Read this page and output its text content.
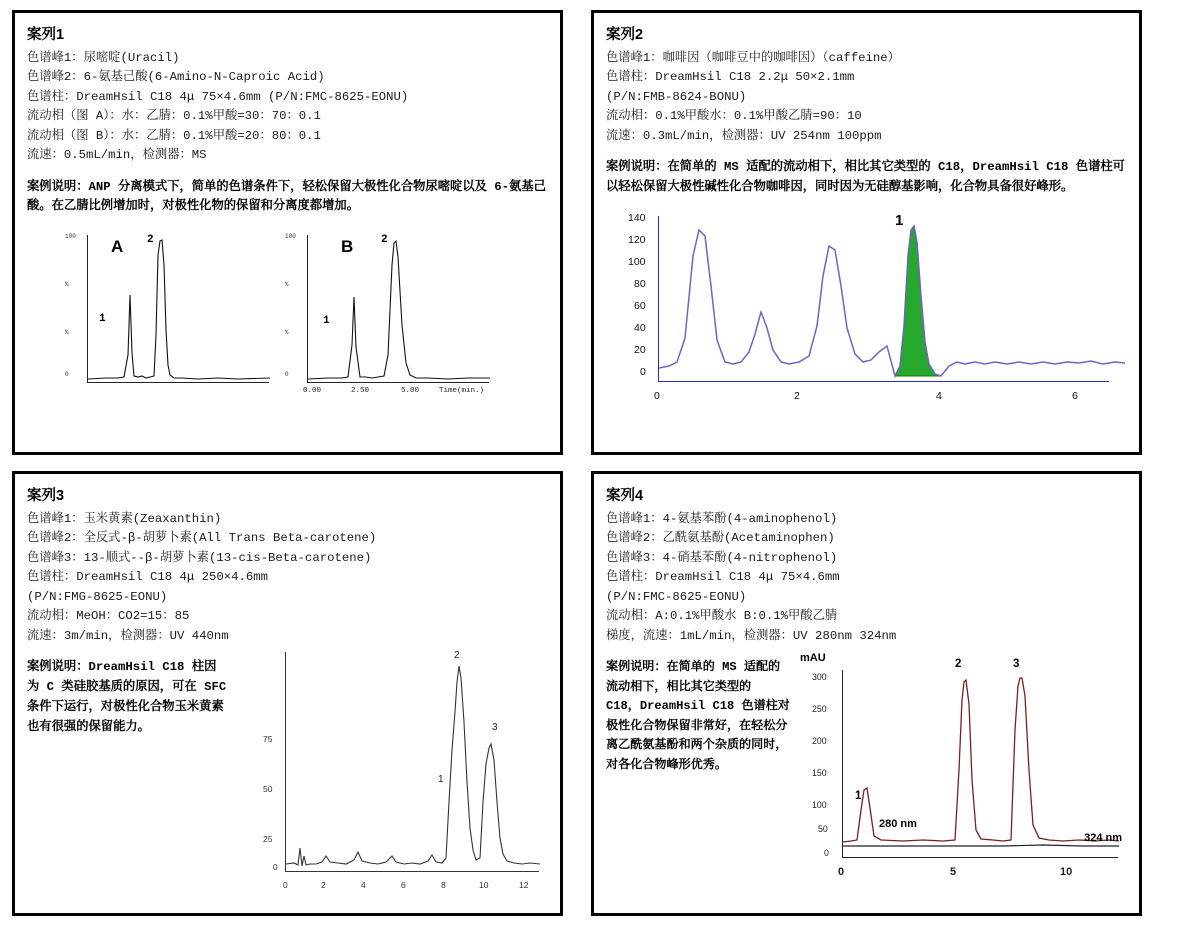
案列1
色谱峰1：尿嘧啶(Uracil)
色谱峰2：6-氨基己酸(6-Amino-N-Caproic Acid)
色谱柱：DreamHsil C18 4μ 75×4.6mm (P/N:FMC-8625-EONU)
流动相（图 A）：水：乙腈：0.1%甲酸=30：70：0.1
流动相（图 B）：水：乙腈：0.1%甲酸=20：80：0.1
流速：0.5mL/min，检测器：MS
案例说明：ANP 分离模式下，简单的色谱条件下，轻松保留大极性化合物尿嘧啶以及 6-氨基己酸。在乙腈比例增加时，对极性化物的保留和分离度都增加。
100
%
%
0
A
1
2	100
%
%
0
B
1
2
0.00	2.50	5.00	Time(min.)
案列2
色谱峰1：咖啡因（咖啡豆中的咖啡因）（caffeine）
色谱柱：DreamHsil C18 2.2μ 50×2.1mm
(P/N:FMB-8624-BONU)
流动相：0.1%甲酸水：0.1%甲酸乙腈=90：10
流速：0.3mL/min，检测器：UV 254nm 100ppm
案例说明：在简单的 MS 适配的流动相下，相比其它类型的 C18，DreamHsil C18 色谱柱可以轻松保留大极性碱性化合物咖啡因，同时因为无硅醇基影响，化合物具备很好峰形。
140
120
100
80
60
40
20
0
1
0	2	4	6
案列3
色谱峰1：玉米黄素(Zeaxanthin)
色谱峰2：全反式-β-胡萝卜素(All Trans Beta-carotene)
色谱峰3：13-顺式--β-胡萝卜素(13-cis-Beta-carotene)
色谱柱：DreamHsil C18 4μ 250×4.6mm
(P/N:FMG-8625-EONU)
流动相：MeOH：CO2=15：85
流速：3m/min，检测器：UV 440nm
案例说明：DreamHsil C18 柱因为 C 类硅胶基质的原因，可在 SFC 条件下运行，对极性化合物玉米黄素也有很强的保留能力。
75
50
25
0
1
2
3
0	2	4	6	8	10	12
案列4
色谱峰1：4-氨基苯酚(4-aminophenol)
色谱峰2：乙酰氨基酚(Acetaminophen)
色谱峰3：4-硝基苯酚(4-nitrophenol)
色谱柱：DreamHsil C18 4μ 75×4.6mm
(P/N:FMC-8625-EONU)
流动相：A:0.1%甲酸水 B:0.1%甲酸乙腈
梯度，流速：1mL/min，检测器：UV 280nm 324nm
案例说明：在简单的 MS 适配的流动相下，相比其它类型的 C18，DreamHsil C18 色谱柱对极性化合物保留非常好，在轻松分离乙酰氨基酚和两个杂质的同时，对各化合物峰形优秀。
mAU
300
250
200
150
100
50
0
1
2	3
280 nm
324 nm
0	5	10
